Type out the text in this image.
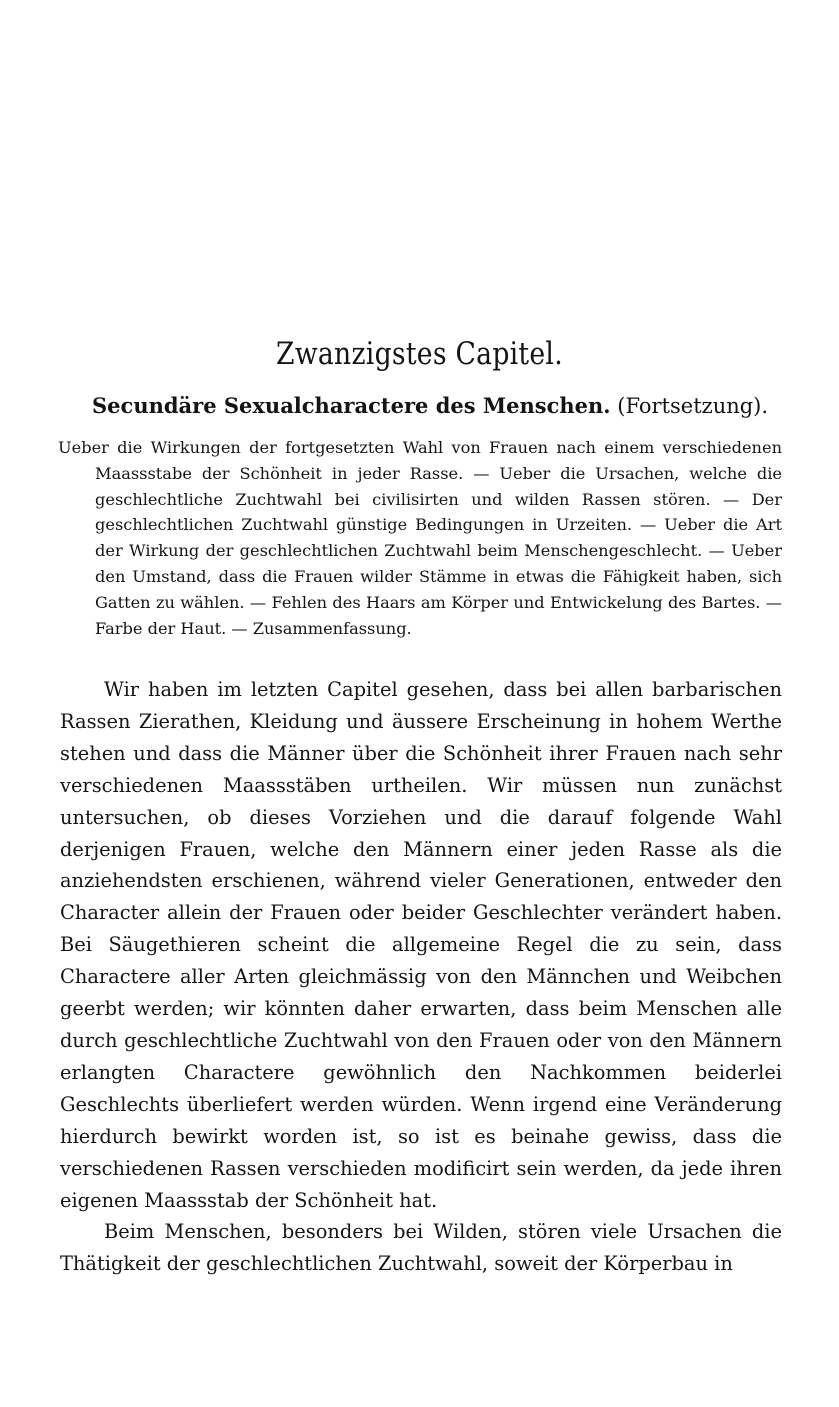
Zwanzigstes Capitel.
Secundäre Sexualcharactere des Menschen. (Fortsetzung).

Ueber die Wirkungen der fortgesetzten Wahl von Frauen nach einem verschiedenen Maassstabe der Schönheit in jeder Rasse. — Ueber die Ursachen, welche die geschlechtliche Zuchtwahl bei civilisirten und wilden Rassen stören. — Der geschlechtlichen Zuchtwahl günstige Bedingungen in Urzeiten. — Ueber die Art der Wirkung der geschlechtlichen Zuchtwahl beim Menschengeschlecht. — Ueber den Umstand, dass die Frauen wilder Stämme in etwas die Fähigkeit haben, sich Gatten zu wählen. — Fehlen des Haars am Körper und Entwickelung des Bartes. — Farbe der Haut. — Zusammenfassung.

Wir haben im letzten Capitel gesehen, dass bei allen barbarischen Rassen Zierathen, Kleidung und äussere Erscheinung in hohem Werthe stehen und dass die Männer über die Schönheit ihrer Frauen nach sehr verschiedenen Maassstäben urtheilen. Wir müssen nun zunächst untersuchen, ob dieses Vorziehen und die darauf folgende Wahl derjenigen Frauen, welche den Männern einer jeden Rasse als die anziehendsten erschienen, während vieler Generationen, entweder den Character allein der Frauen oder beider Geschlechter verändert haben. Bei Säugethieren scheint die allgemeine Regel die zu sein, dass Charactere aller Arten gleichmässig von den Männchen und Weibchen geerbt werden; wir könnten daher erwarten, dass beim Menschen alle durch geschlechtliche Zuchtwahl von den Frauen oder von den Männern erlangten Charactere gewöhnlich den Nachkommen beiderlei Geschlechts überliefert werden würden. Wenn irgend eine Veränderung hierdurch bewirkt worden ist, so ist es beinahe gewiss, dass die verschiedenen Rassen verschieden modificirt sein werden, da jede ihren eigenen Maassstab der Schönheit hat.

Beim Menschen, besonders bei Wilden, stören viele Ursachen die Thätigkeit der geschlechtlichen Zuchtwahl, soweit der Körperbau in
